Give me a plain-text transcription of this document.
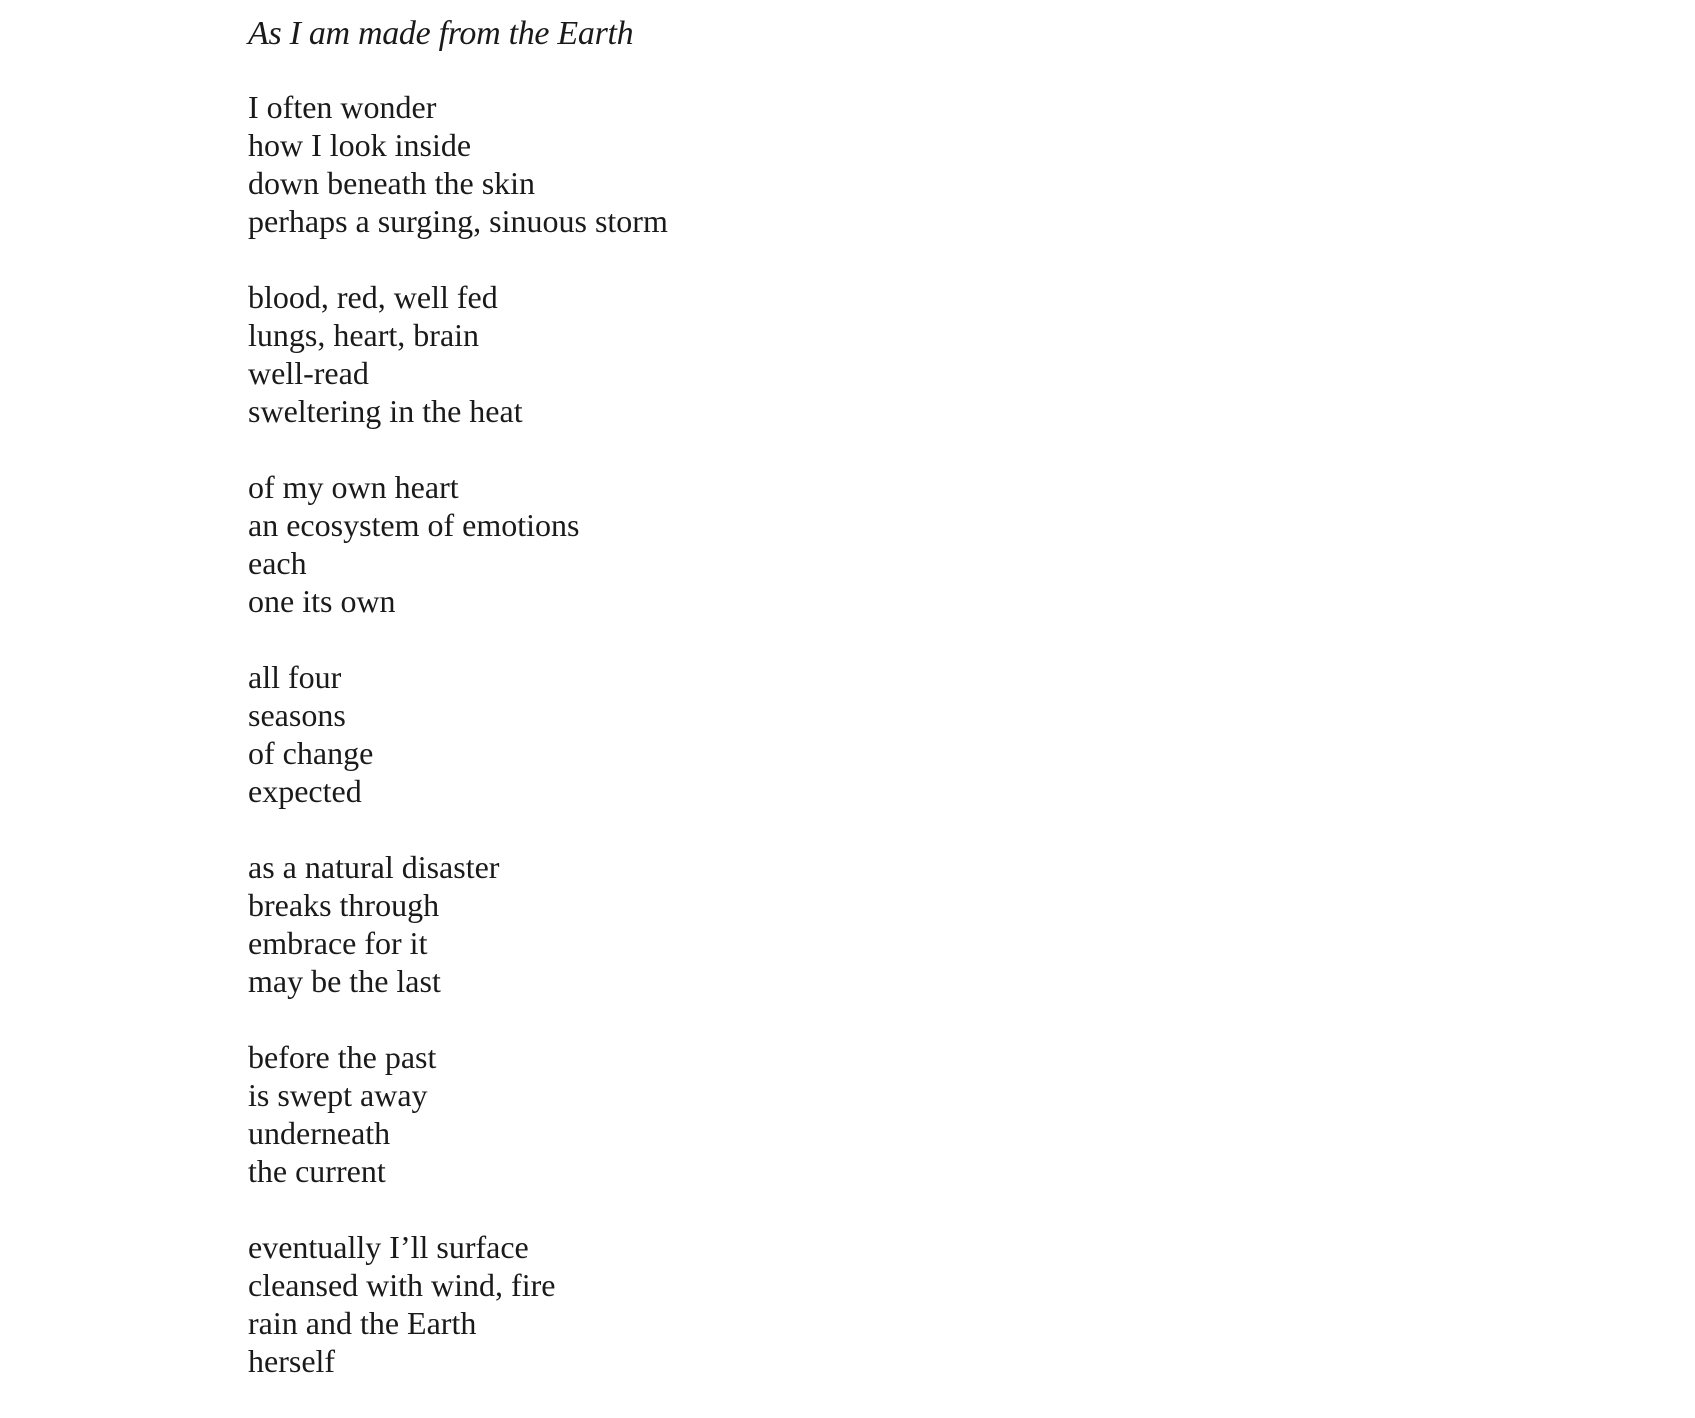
As I am made from the Earth
I often wonder
how I look inside
down beneath the skin
perhaps a surging, sinuous storm
blood, red, well fed
lungs, heart, brain
well-read
sweltering in the heat
of my own heart
an ecosystem of emotions
each
one its own
all four
seasons
of change
expected
as a natural disaster
breaks through
embrace for it
may be the last
before the past
is swept away
underneath
the current
eventually I’ll surface
cleansed with wind, fire
rain and the Earth
herself
